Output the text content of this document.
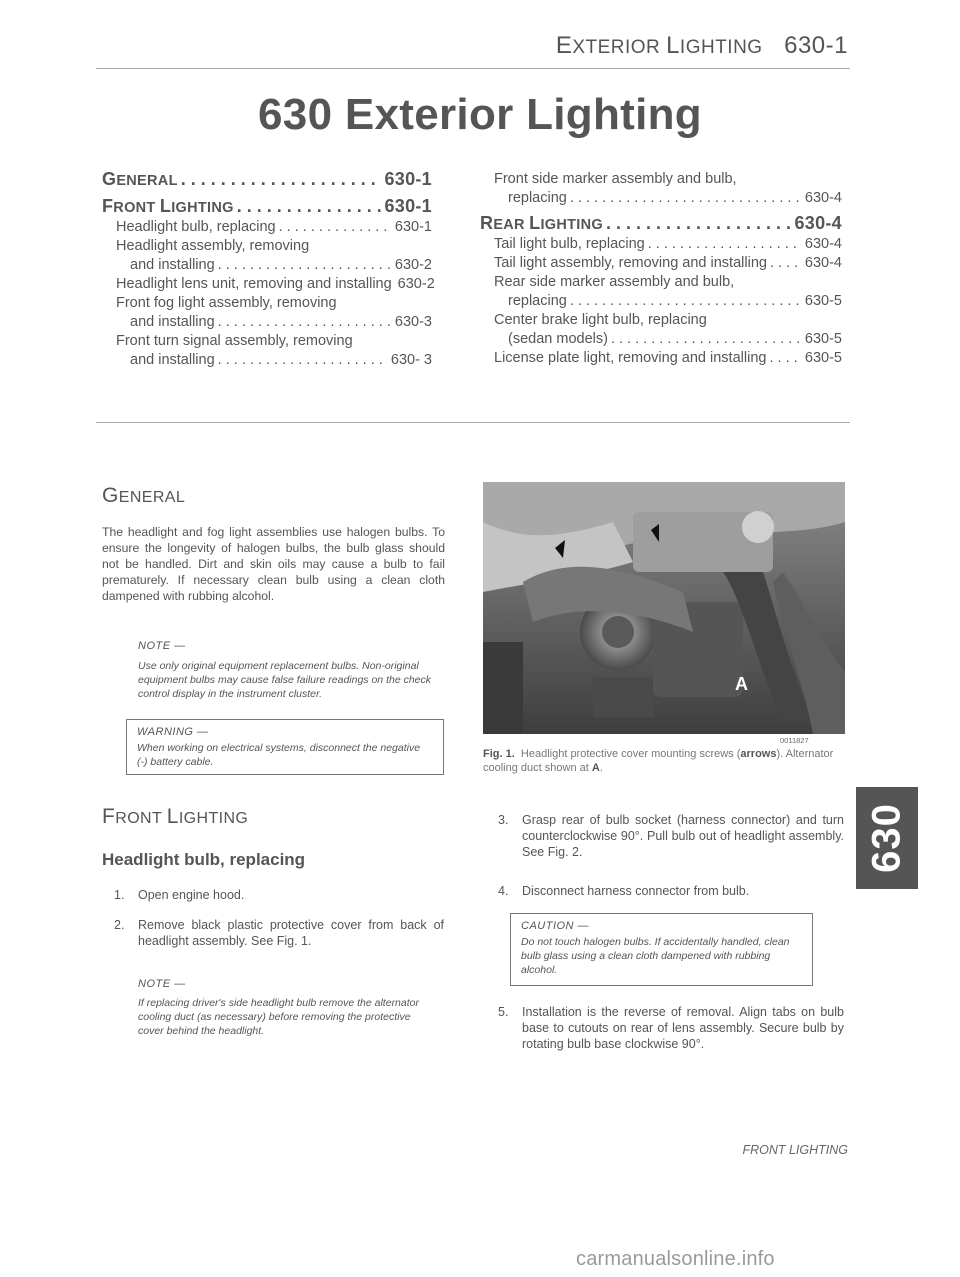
EXTERIOR LIGHTING 630-1
630 Exterior Lighting
GENERAL . . .	630-1
FRONT LIGHTING . . .	630-1
Headlight bulb, replacing . . .	630-1
Headlight assembly, removing
and installing . . .	630-2
Headlight lens unit, removing and installing 630-2
Front fog light assembly, removing
and installing . . .	630-3
Front turn signal assembly, removing
and installing . . .	630- 3
Front side marker assembly and bulb,
replacing . . .	630-4
REAR LIGHTING . . .	630-4
Tail light bulb, replacing . . .	630-4
Tail light assembly, removing and installing . . .	630-4
Rear side marker assembly and bulb,
replacing . . .	630-5
Center brake light bulb, replacing
(sedan models) . . .	630-5
License plate light, removing and installing . . .	630-5
GENERAL
The headlight and fog light assemblies use halogen bulbs. To ensure the longevity of halogen bulbs, the bulb glass should not be handled. Dirt and skin oils may cause a bulb to fail prematurely. If necessary clean bulb using a clean cloth dampened with rubbing alcohol.
NOTE —
Use only original equipment replacement bulbs. Non-original equipment bulbs may cause false failure readings on the check control display in the instrument cluster.
WARNING —
When working on electrical systems, disconnect the negative (-) battery cable.
FRONT LIGHTING
Headlight bulb, replacing
1.	Open engine hood.
2.	Remove black plastic protective cover from back of headlight assembly. See Fig. 1.
NOTE —
If replacing driver's side headlight bulb remove the alternator cooling duct (as necessary) before removing the protective cover behind the headlight.
3.	Grasp rear of bulb socket (harness connector) and turn counterclockwise 90°. Pull bulb out of headlight assembly. See Fig. 2.
4.	Disconnect harness connector from bulb.
CAUTION —
Do not touch halogen bulbs. If accidentally handled, clean bulb glass using a clean cloth dampened with rubbing alcohol.
5.	Installation is the reverse of removal. Align tabs on bulb base to cutouts on rear of lens assembly. Secure bulb by rotating bulb base clockwise 90°.
A
0011827
Fig. 1. Headlight protective cover mounting screws (arrows). Alternator cooling duct shown at A.
630
FRONT LIGHTING
carmanualsonline.info
